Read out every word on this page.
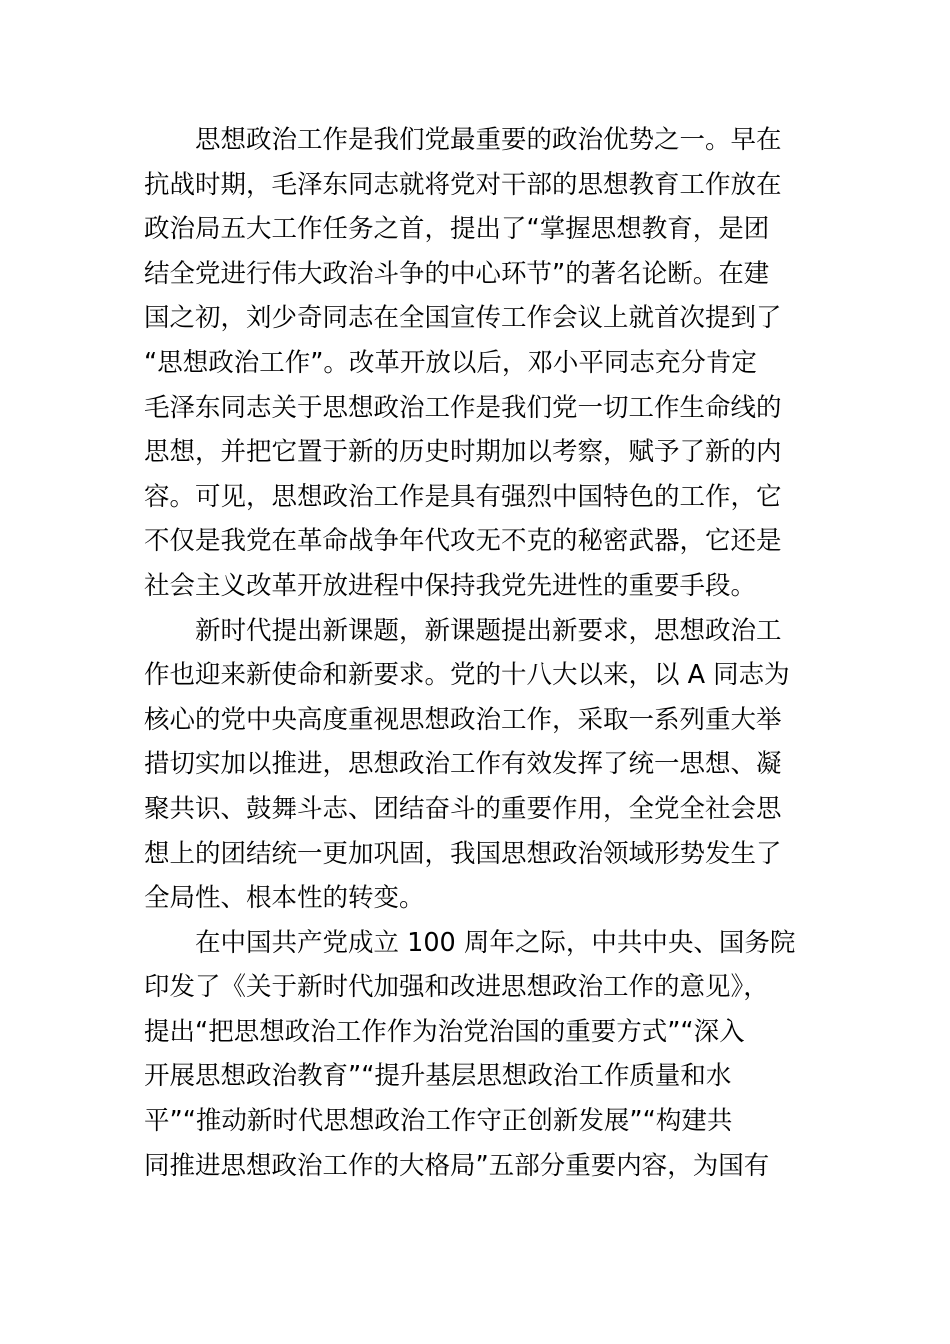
　　思想政治工作是我们党最重要的政治优势之一。早在
抗战时期，毛泽东同志就将党对干部的思想教育工作放在
政治局五大工作任务之首，提出了“掌握思想教育，是团
结全党进行伟大政治斗争的中心环节”的著名论断。在建
国之初，刘少奇同志在全国宣传工作会议上就首次提到了
“思想政治工作”。改革开放以后，邓小平同志充分肯定
毛泽东同志关于思想政治工作是我们党一切工作生命线的
思想，并把它置于新的历史时期加以考察，赋予了新的内
容。可见，思想政治工作是具有强烈中国特色的工作，它
不仅是我党在革命战争年代攻无不克的秘密武器，它还是
社会主义改革开放进程中保持我党先进性的重要手段。
　　新时代提出新课题，新课题提出新要求，思想政治工
作也迎来新使命和新要求。党的十八大以来，以 A 同志为
核心的党中央高度重视思想政治工作，采取一系列重大举
措切实加以推进，思想政治工作有效发挥了统一思想、凝
聚共识、鼓舞斗志、团结奋斗的重要作用，全党全社会思
想上的团结统一更加巩固，我国思想政治领域形势发生了
全局性、根本性的转变。
　　在中国共产党成立 100 周年之际，中共中央、国务院
印发了《关于新时代加强和改进思想政治工作的意见》，
提出“把思想政治工作作为治党治国的重要方式”“深入
开展思想政治教育”“提升基层思想政治工作质量和水
平”“推动新时代思想政治工作守正创新发展”“构建共
同推进思想政治工作的大格局”五部分重要内容，为国有
